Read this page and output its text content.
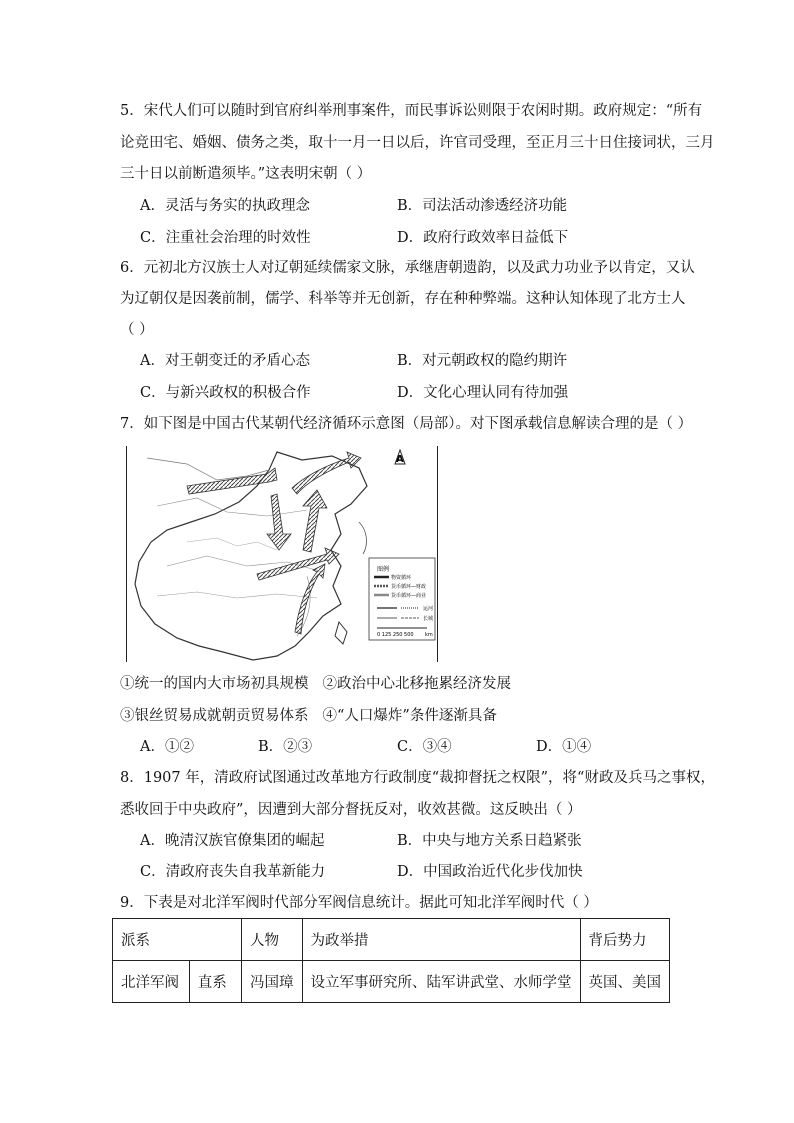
5．宋代人们可以随时到官府纠举刑事案件，而民事诉讼则限于农闲时期。政府规定：“所有
论竞田宅、婚姻、债务之类，取十一月一日以后，许官司受理，至正月三十日住接词状，三月
三十日以前断遣须毕。”这表明宋朝（ ）
A．灵活与务实的执政理念	B．司法活动渗透经济功能
C．注重社会治理的时效性	D．政府行政效率日益低下
6．元初北方汉族士人对辽朝延续儒家文脉，承继唐朝遗韵，以及武力功业予以肯定，又认
为辽朝仅是因袭前制，儒学、科举等并无创新，存在种种弊端。这种认知体现了北方士人
（ ）
A．对王朝变迁的矛盾心态	B．对元朝政权的隐约期许
C．与新兴政权的积极合作	D．文化心理认同有待加强
7．如下图是中国古代某朝代经济循环示意图（局部）。对下图承载信息解读合理的是（ ）
A
图例
物资循环
货币循环—财政
货币循环—商业
运河
长城
0 125 250 500 km
①统一的国内大市场初具规模 ②政治中心北移拖累经济发展
③银丝贸易成就朝贡贸易体系 ④“人口爆炸”条件逐渐具备
A．①②	B．②③	C．③④	D．①④
8．1907 年，清政府试图通过改革地方行政制度“裁抑督抚之权限”，将“财政及兵马之事权，
悉收回于中央政府”，因遭到大部分督抚反对，收效甚微。这反映出（ ）
A．晚清汉族官僚集团的崛起	B．中央与地方关系日趋紧张
C．清政府丧失自我革新能力	D．中国政治近代化步伐加快
9．下表是对北洋军阀时代部分军阀信息统计。据此可知北洋军阀时代（ ）
派系		人物	为政举措	背后势力
北洋军阀	直系	冯国璋	设立军事研究所、陆军讲武堂、水师学堂	英国、美国
